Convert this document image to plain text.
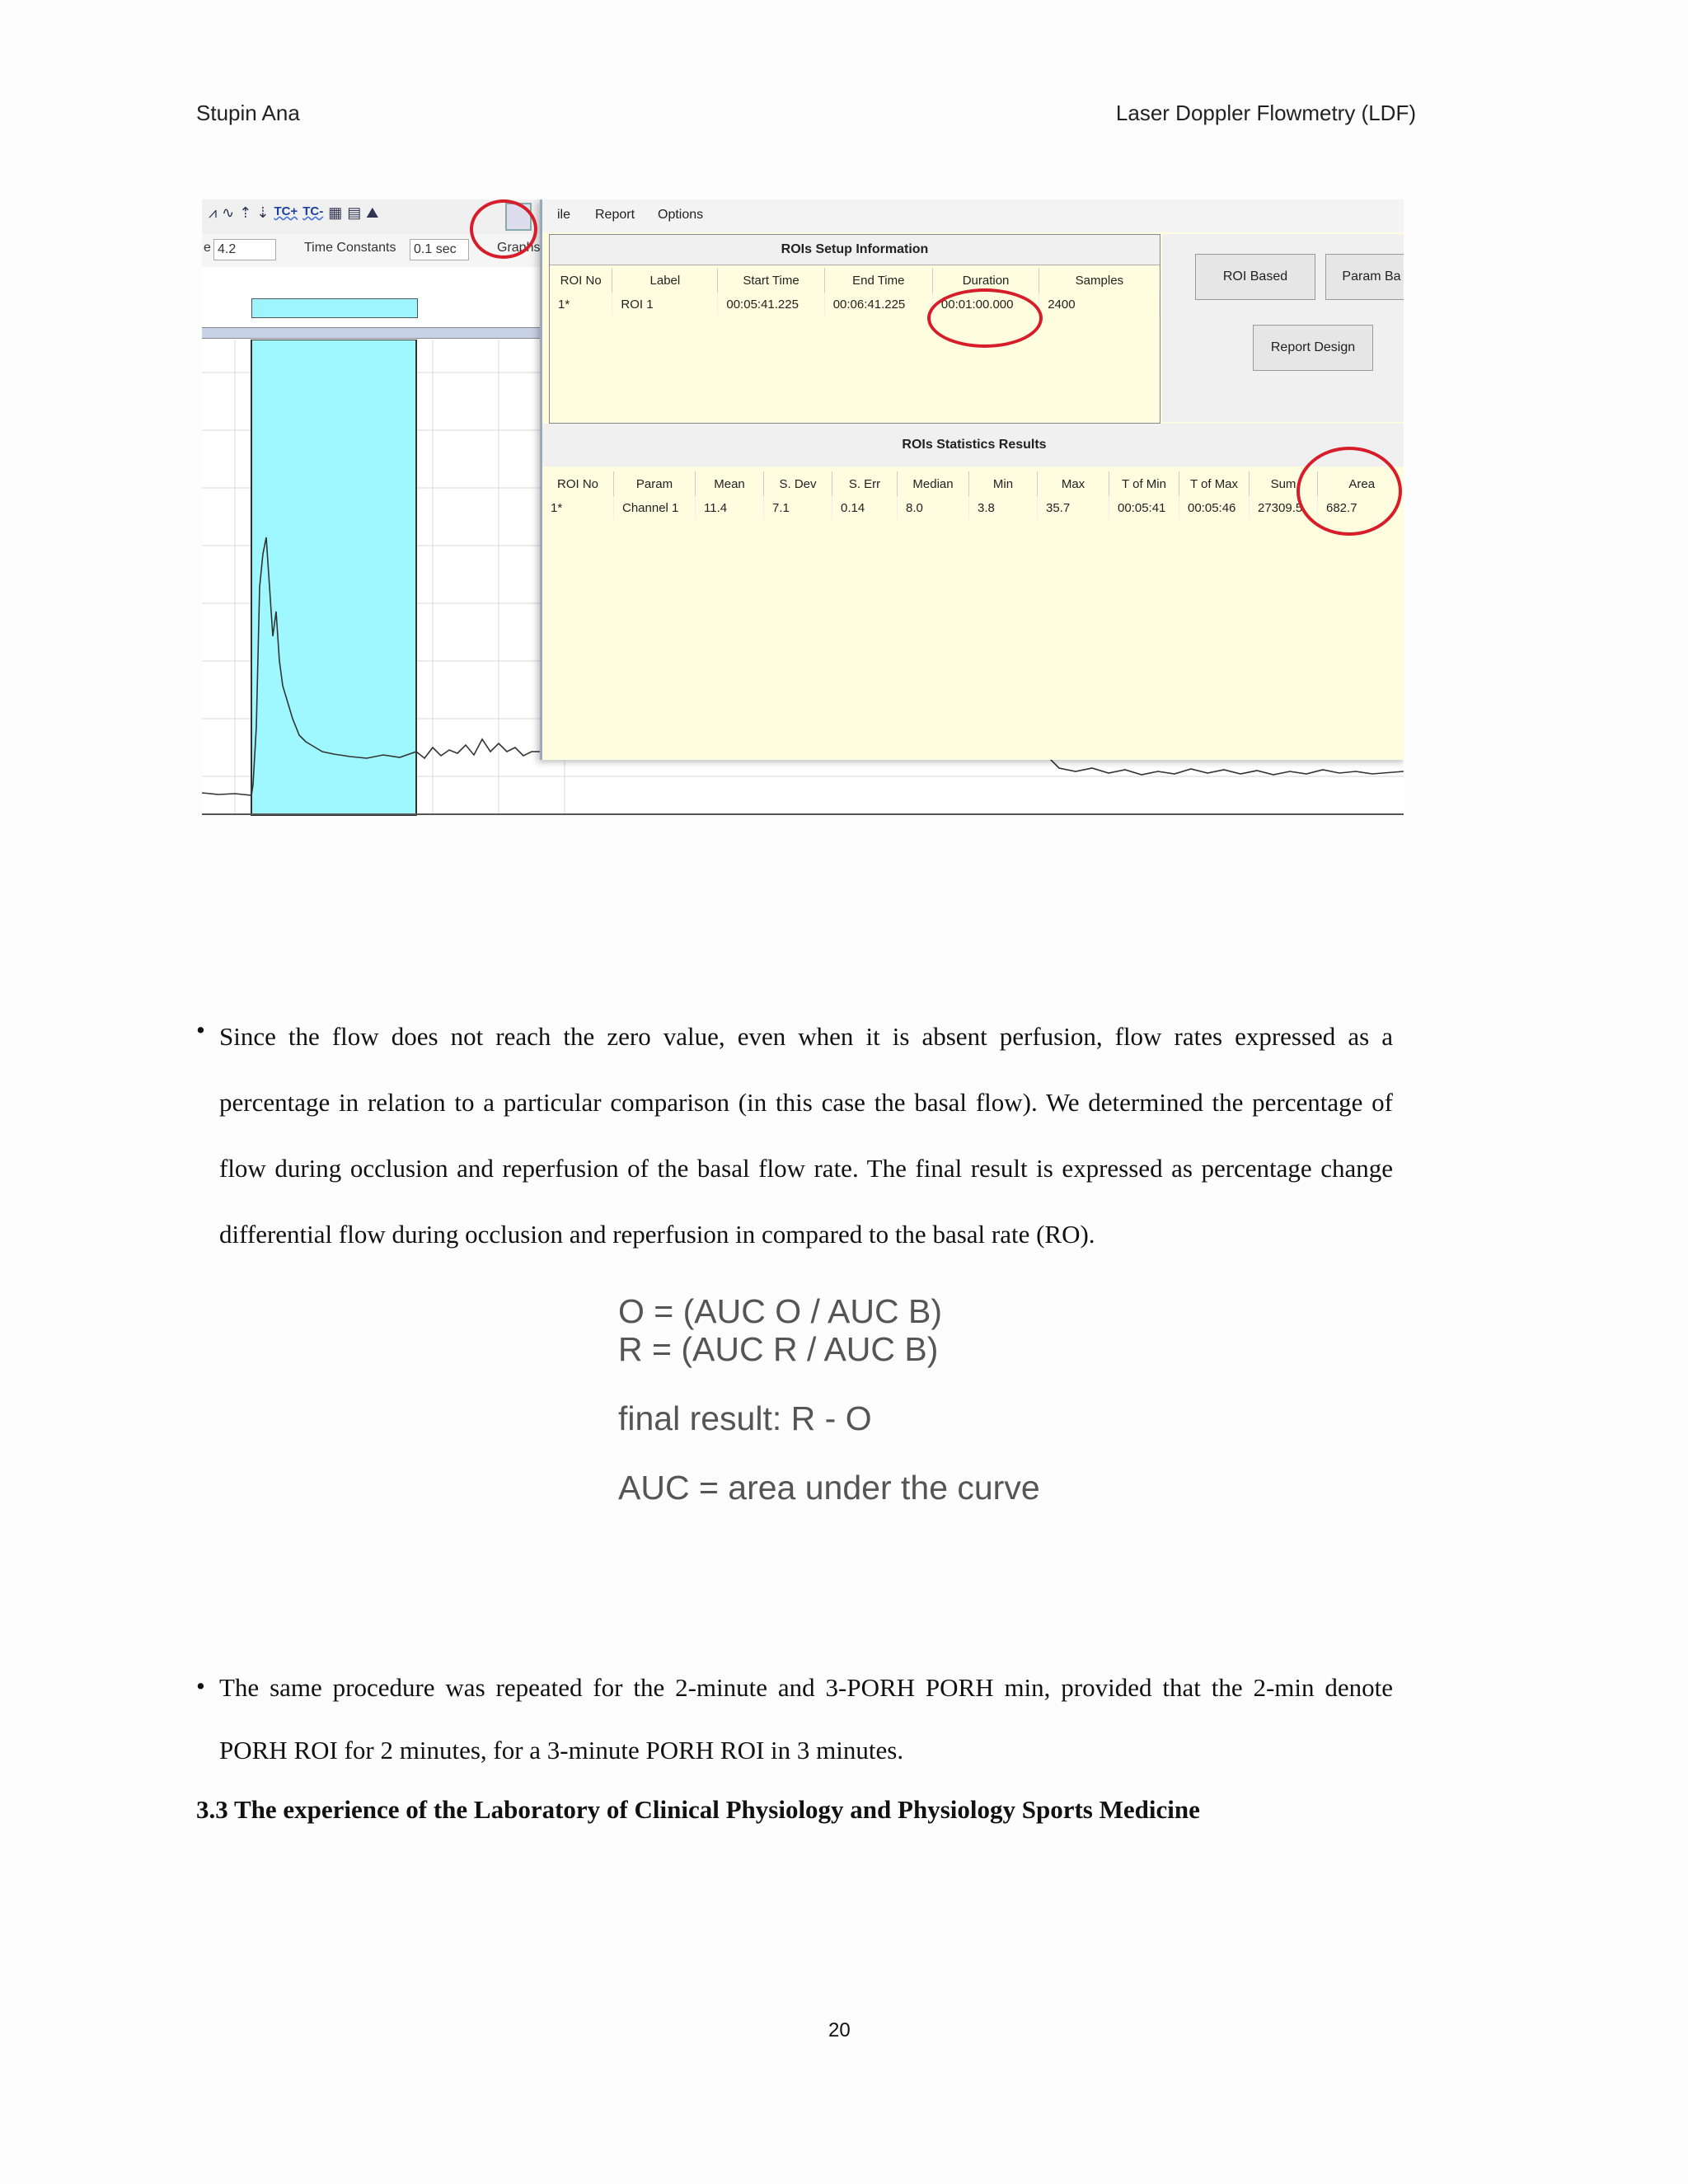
Stupin Ana	Laser Doppler Flowmetry (LDF)
⩘ ∿ ⇡ ⇣ TC+ TC- ▦ ▤ ⛰
e 4.2	Time Constants	0.1 sec	Graphs
ile Report Options
ROIs Setup Information
ROI No	Label	Start Time	End Time	Duration	Samples
1*	ROI 1	00:05:41.225	00:06:41.225	00:01:00.000	2400
ROI Based	Param Ba
Report Design
ROIs Statistics Results
ROI No	Param	Mean	S. Dev	S. Err	Median	Min	Max	T of Min	T of Max	Sum	Area
1*	Channel 1	11.4	7.1	0.14	8.0	3.8	35.7	00:05:41	00:05:46	27309.5	682.7
• Since the flow does not reach the zero value, even when it is absent perfusion, flow rates expressed as a percentage in relation to a particular comparison (in this case the basal flow). We determined the percentage of flow during occlusion and reperfusion of the basal flow rate. The final result is expressed as percentage change differential flow during occlusion and reperfusion in compared to the basal rate (RO).
O = (AUC O / AUC B)
R = (AUC R / AUC B)
final result: R - O
AUC = area under the curve
• The same procedure was repeated for the 2-minute and 3-PORH PORH min, provided that the 2-min denote PORH ROI for 2 minutes, for a 3-minute PORH ROI in 3 minutes.
3.3 The experience of the Laboratory of Clinical Physiology and Physiology Sports Medicine
20
